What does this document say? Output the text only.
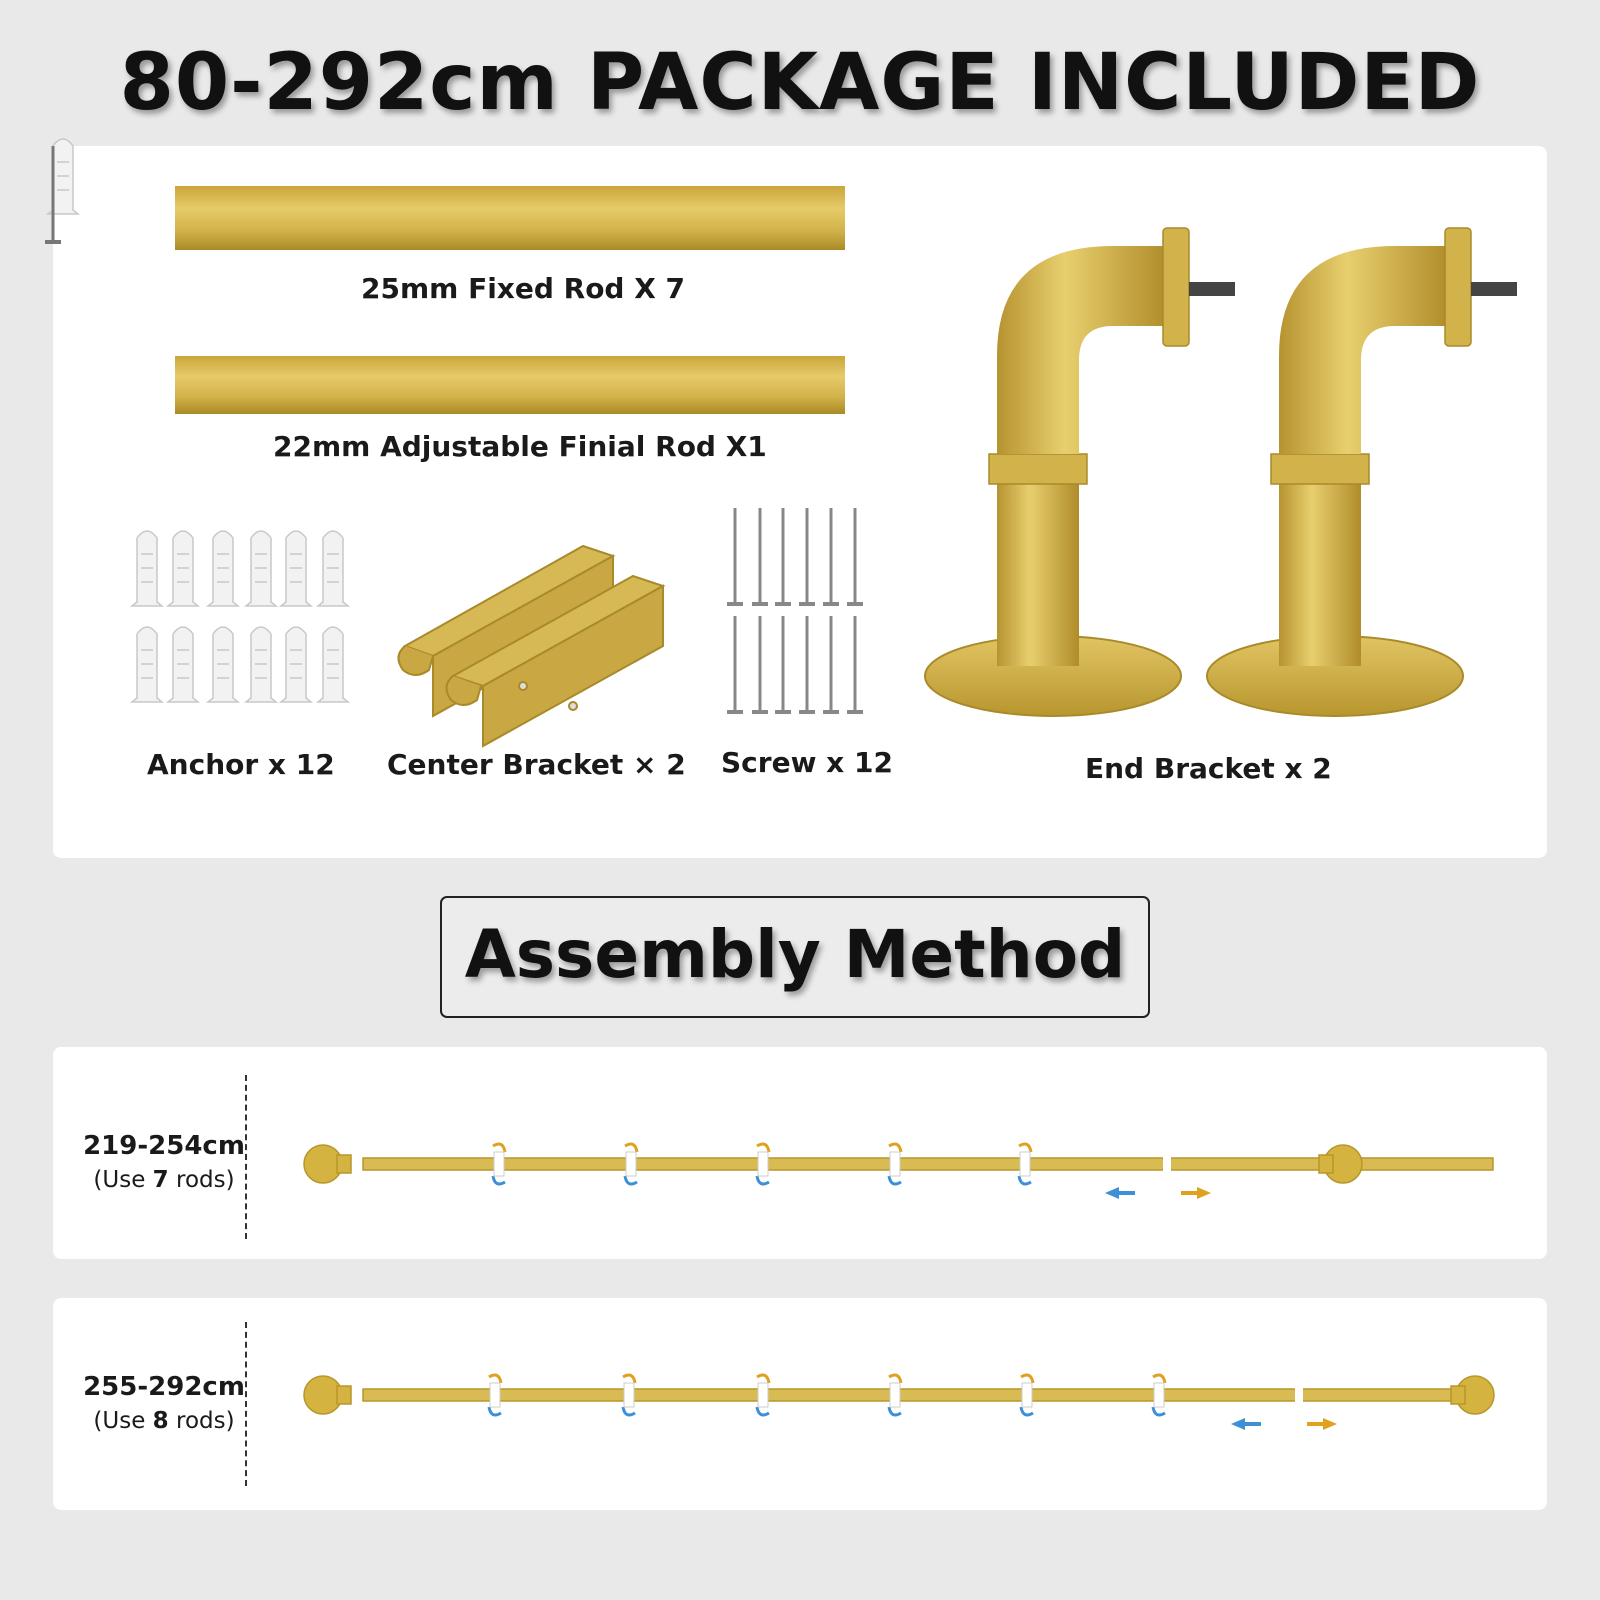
80-292cm PACKAGE INCLUDED
25mm Fixed Rod X 7
22mm Adjustable Finial Rod X1
Anchor x 12 Center Bracket × 2 Screw x 12	End Bracket x 2
Assembly Method
219-254cm
(Use 7 rods)
255-292cm
(Use 8 rods)
